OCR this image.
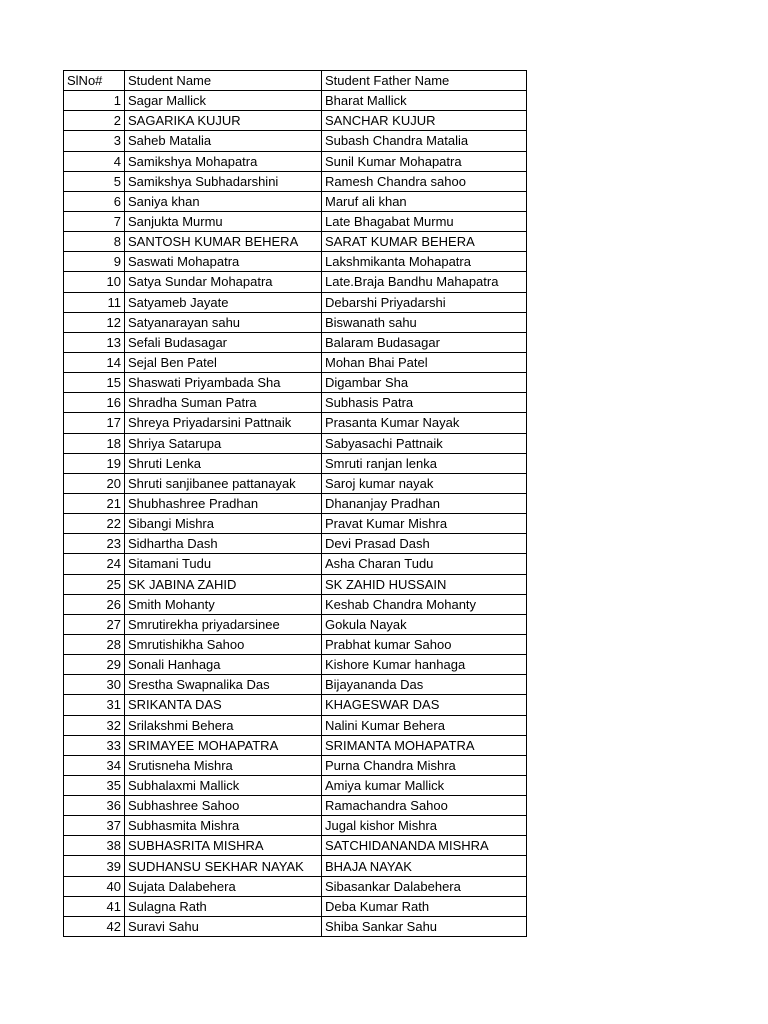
SlNo#	Student Name	Student Father Name
1	Sagar Mallick	Bharat Mallick
2	SAGARIKA KUJUR	SANCHAR KUJUR
3	Saheb Matalia	Subash Chandra Matalia
4	Samikshya Mohapatra	Sunil Kumar Mohapatra
5	Samikshya Subhadarshini	Ramesh Chandra sahoo
6	Saniya khan	Maruf ali khan
7	Sanjukta Murmu	Late Bhagabat Murmu
8	SANTOSH KUMAR BEHERA	SARAT KUMAR BEHERA
9	Saswati Mohapatra	Lakshmikanta Mohapatra
10	Satya Sundar Mohapatra	Late.Braja Bandhu Mahapatra
11	Satyameb Jayate	Debarshi Priyadarshi
12	Satyanarayan sahu	Biswanath sahu
13	Sefali Budasagar	Balaram Budasagar
14	Sejal Ben Patel	Mohan Bhai Patel
15	Shaswati Priyambada Sha	Digambar Sha
16	Shradha Suman Patra	Subhasis Patra
17	Shreya Priyadarsini Pattnaik	Prasanta Kumar Nayak
18	Shriya Satarupa	Sabyasachi Pattnaik
19	Shruti Lenka	Smruti ranjan lenka
20	Shruti sanjibanee pattanayak	Saroj kumar nayak
21	Shubhashree Pradhan	Dhananjay Pradhan
22	Sibangi Mishra	Pravat Kumar Mishra
23	Sidhartha Dash	Devi Prasad Dash
24	Sitamani Tudu	Asha Charan Tudu
25	SK JABINA ZAHID	SK ZAHID HUSSAIN
26	Smith Mohanty	Keshab Chandra Mohanty
27	Smrutirekha priyadarsinee	Gokula Nayak
28	Smrutishikha Sahoo	Prabhat kumar Sahoo
29	Sonali Hanhaga	Kishore Kumar hanhaga
30	Srestha Swapnalika Das	Bijayananda Das
31	SRIKANTA DAS	KHAGESWAR DAS
32	Srilakshmi Behera	Nalini Kumar Behera
33	SRIMAYEE MOHAPATRA	SRIMANTA MOHAPATRA
34	Srutisneha Mishra	Purna Chandra Mishra
35	Subhalaxmi Mallick	Amiya kumar Mallick
36	Subhashree Sahoo	Ramachandra Sahoo
37	Subhasmita Mishra	Jugal kishor Mishra
38	SUBHASRITA MISHRA	SATCHIDANANDA MISHRA
39	SUDHANSU SEKHAR NAYAK	BHAJA NAYAK
40	Sujata Dalabehera	Sibasankar Dalabehera
41	Sulagna Rath	Deba Kumar Rath
42	Suravi Sahu	Shiba Sankar Sahu
